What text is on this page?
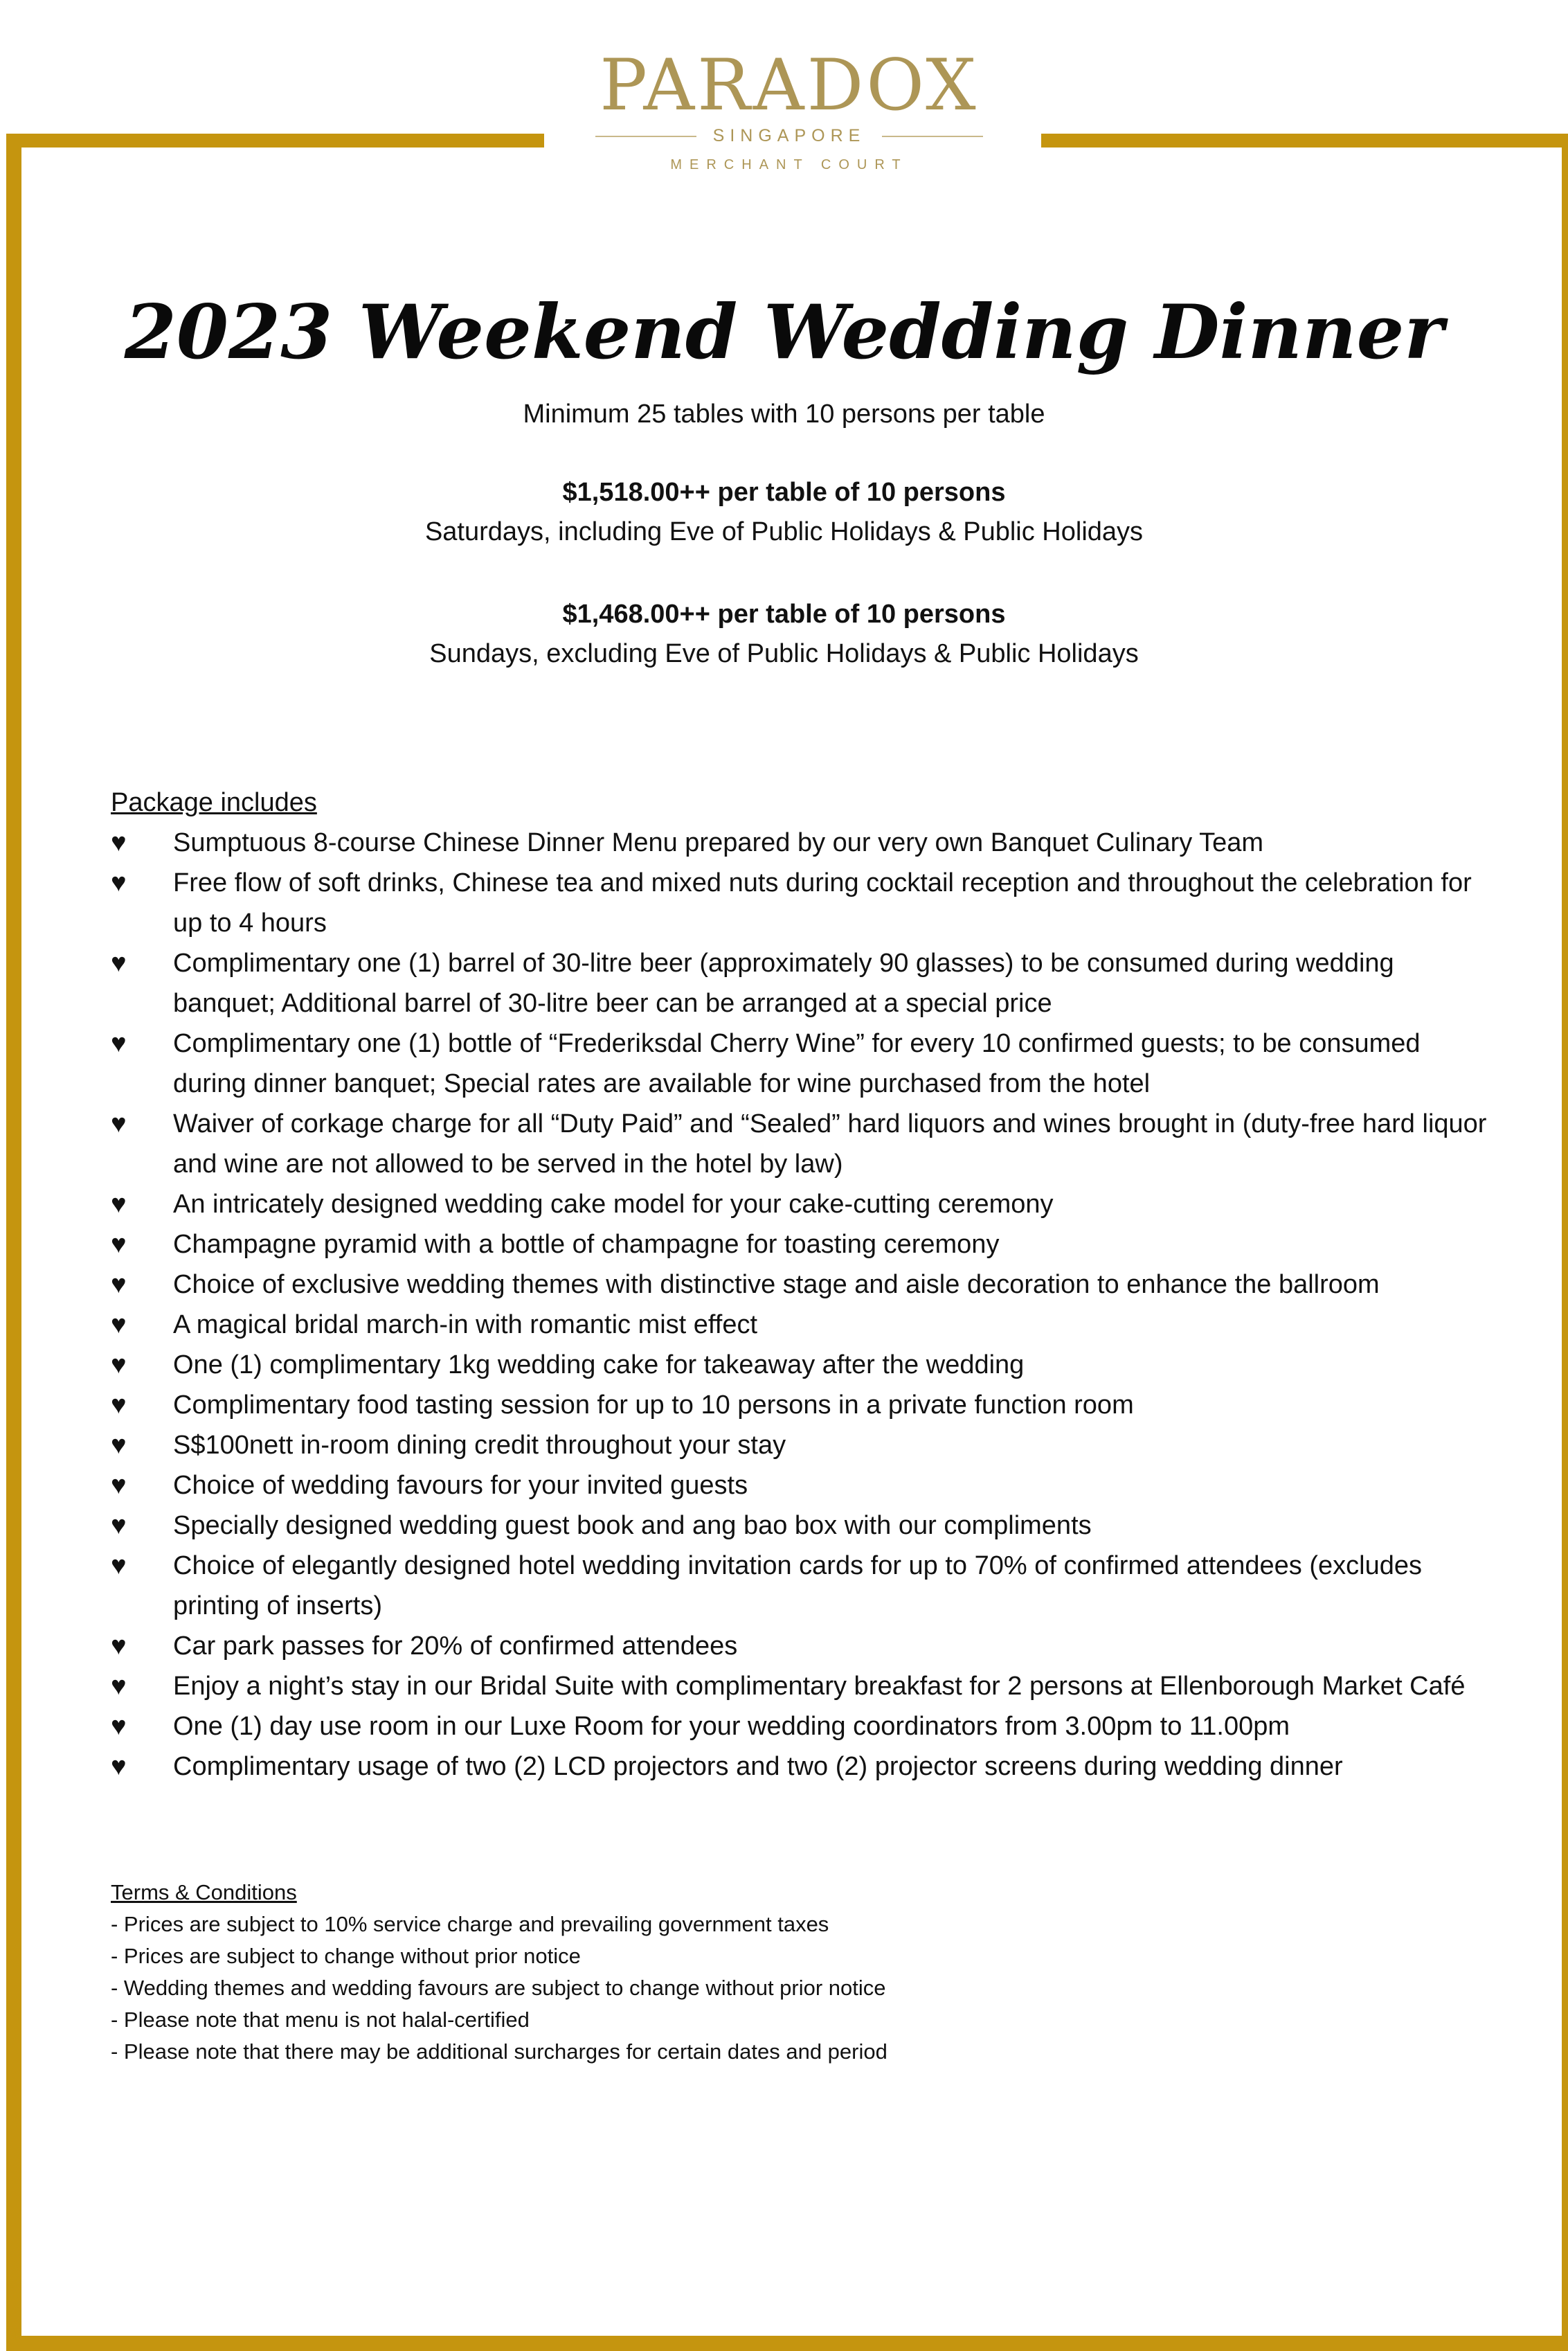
PARADOX
SINGAPORE
MERCHANT COURT
2023 Weekend Wedding Dinner
Minimum 25 tables with 10 persons per table
$1,518.00++ per table of 10 persons
Saturdays, including Eve of Public Holidays & Public Holidays
$1,468.00++ per table of 10 persons
Sundays, excluding Eve of Public Holidays & Public Holidays
Package includes
♥	Sumptuous 8-course Chinese Dinner Menu prepared by our very own Banquet Culinary Team
♥	Free flow of soft drinks, Chinese tea and mixed nuts during cocktail reception and throughout the celebration for up to 4 hours
♥	Complimentary one (1) barrel of 30-litre beer (approximately 90 glasses) to be consumed during wedding banquet; Additional barrel of 30-litre beer can be arranged at a special price
♥	Complimentary one (1) bottle of “Frederiksdal Cherry Wine” for every 10 confirmed guests; to be consumed during dinner banquet; Special rates are available for wine purchased from the hotel
♥	Waiver of corkage charge for all “Duty Paid” and “Sealed” hard liquors and wines brought in (duty-free hard liquor and wine are not allowed to be served in the hotel by law)
♥	An intricately designed wedding cake model for your cake-cutting ceremony
♥	Champagne pyramid with a bottle of champagne for toasting ceremony
♥	Choice of exclusive wedding themes with distinctive stage and aisle decoration to enhance the ballroom
♥	A magical bridal march-in with romantic mist effect
♥	One (1) complimentary 1kg wedding cake for takeaway after the wedding
♥	Complimentary food tasting session for up to 10 persons in a private function room
♥	S$100nett in-room dining credit throughout your stay
♥	Choice of wedding favours for your invited guests
♥	Specially designed wedding guest book and ang bao box with our compliments
♥	Choice of elegantly designed hotel wedding invitation cards for up to 70% of confirmed attendees (excludes printing of inserts)
♥	Car park passes for 20% of confirmed attendees
♥	Enjoy a night’s stay in our Bridal Suite with complimentary breakfast for 2 persons at Ellenborough Market Café
♥	One (1) day use room in our Luxe Room for your wedding coordinators from 3.00pm to 11.00pm
♥	Complimentary usage of two (2) LCD projectors and two (2) projector screens during wedding dinner
Terms & Conditions
- Prices are subject to 10% service charge and prevailing government taxes
- Prices are subject to change without prior notice
- Wedding themes and wedding favours are subject to change without prior notice
- Please note that menu is not halal-certified
- Please note that there may be additional surcharges for certain dates and period
